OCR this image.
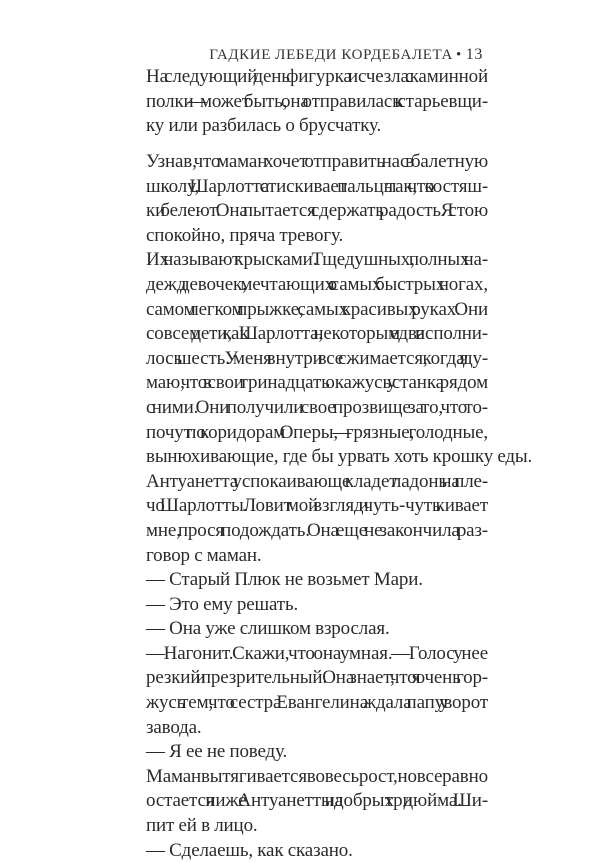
ГАДКИЕ ЛЕБЕДИ КОРДЕБАЛЕТА • 13

На следующий день фигурка исчезла с каминной
полки — может быть, она отправилась к старьевщи-
ку или разбилась о брусчатку.

Узнав, что маман хочет отправить нас в балетную
школу, Шарлотта стискивает пальцы так, что костяш-
ки белеют. Она пытается сдержать радость. Я стою
спокойно, пряча тревогу.

Их называют крысками. Тщедушных, полных на-
дежд девочек, мечтающих о самых быстрых ногах,
самом легком прыжке, самых красивых руках. Они
совсем дети, как Шарлотта, некоторым едва исполни-
лось шесть. У меня внутри все сжимается, когда я ду-
маю, что в свои тринадцать окажусь у станка рядом
с ними. Они получили свое прозвище за то, что то-
почут по коридорам Оперы, — грязные, голодные,
вынюхивающие, где бы урвать хоть крошку еды.

Антуанетта успокаивающе кладет ладонь на пле-
чо Шарлотты. Ловит мой взгляд и чуть-чуть кивает
мне, прося подождать. Она еще не закончила раз-
говор с маман.

— Старый Плюк не возьмет Мари.

— Это ему решать.

— Она уже слишком взрослая.

— Нагонит. Скажи, что она умная. — Голос у нее
резкий и презрительный. Она знает, что я очень гор-
жусь тем, что сестра Евангелина ждала папу у ворот
завода.

— Я ее не поведу.

Маман вытягивается во весь рост, но все равно
остается ниже Антуанетты на добрых три дюйма. Ши-
пит ей в лицо.

— Сделаешь, как сказано.
